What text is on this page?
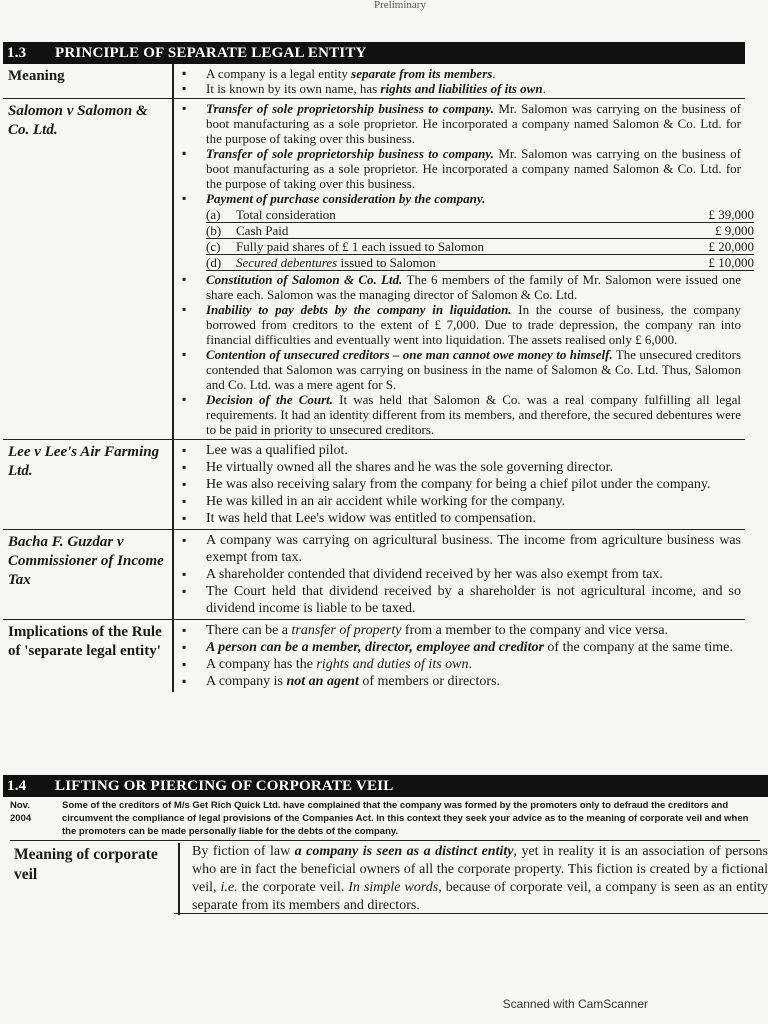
Preliminary
1.3	PRINCIPLE OF SEPARATE LEGAL ENTITY
Meaning	
▪A company is a legal entity separate from its members.
▪ It is known by its own name, has rights and liabilities of its own.

Salomon v Salomon & Co. Ltd.	
▪ Transfer of sole proprietorship business to company. Mr. Salomon was carrying on the business of boot manufacturing as a sole proprietor. He incorporated a company named Salomon & Co. Ltd. for the purpose of taking over this business.
▪ Transfer of sole proprietorship business to company. Mr. Salomon was carrying on the business of boot manufacturing as a sole proprietor. He incorporated a company named Salomon & Co. Ltd. for the purpose of taking over this business.
▪ Payment of purchase consideration by the company.
(a)	Total consideration	£ 39,000
(b)	Cash Paid	£ 9,000
(c)	Fully paid shares of £ 1 each issued to Salomon	£ 20,000
(d)	Secured debentures issued to Salomon	£ 10,000
▪ Constitution of Salomon & Co. Ltd. The 6 members of the family of Mr. Salomon were issued one share each. Salomon was the managing director of Salomon & Co. Ltd.
▪ Inability to pay debts by the company in liquidation. In the course of business, the company borrowed from creditors to the extent of £ 7,000. Due to trade depression, the company ran into financial difficulties and eventually went into liquidation. The assets realised only £ 6,000.
▪ Contention of unsecured creditors – one man cannot owe money to himself. The unsecured creditors contended that Salomon was carrying on business in the name of Salomon & Co. Ltd. Thus, Salomon and Co. Ltd. was a mere agent for S.
▪ Decision of the Court. It was held that Salomon & Co. was a real company fulfilling all legal requirements. It had an identity different from its members, and therefore, the secured debentures were to be paid in priority to unsecured creditors.

Lee v Lee's Air Farming Ltd.	
▪ Lee was a qualified pilot.
▪ He virtually owned all the shares and he was the sole governing director.
▪ He was also receiving salary from the company for being a chief pilot under the company.
▪ He was killed in an air accident while working for the company.
▪ It was held that Lee's widow was entitled to compensation.

Bacha F. Guzdar v Commissioner of Income Tax	
▪ A company was carrying on agricultural business. The income from agriculture business was exempt from tax.
▪ A shareholder contended that dividend received by her was also exempt from tax.
▪ The Court held that dividend received by a shareholder is not agricultural income, and so dividend income is liable to be taxed.

Implications of the Rule of 'separate legal entity'	
▪ There can be a transfer of property from a member to the company and vice versa.
▪ A person can be a member, director, employee and creditor of the company at the same time.
▪ A company has the rights and duties of its own.
▪ A company is not an agent of members or directors.
1.4	LIFTING OR PIERCING OF CORPORATE VEIL
Nov. 2004
Some of the creditors of M/s Get Rich Quick Ltd. have complained that the company was formed by the promoters only to defraud the creditors and circumvent the compliance of legal provisions of the Companies Act. In this context they seek your advice as to the meaning of corporate veil and when the promoters can be made personally liable for the debts of the company.
Meaning of corporate veil	
By fiction of law a company is seen as a distinct entity, yet in reality it is an association of persons who are in fact the beneficial owners of all the corporate property. This fiction is created by a fictional veil, i.e. the corporate veil. In simple words, because of corporate veil, a company is seen as an entity separate from its members and directors.
Scanned with CamScanner
